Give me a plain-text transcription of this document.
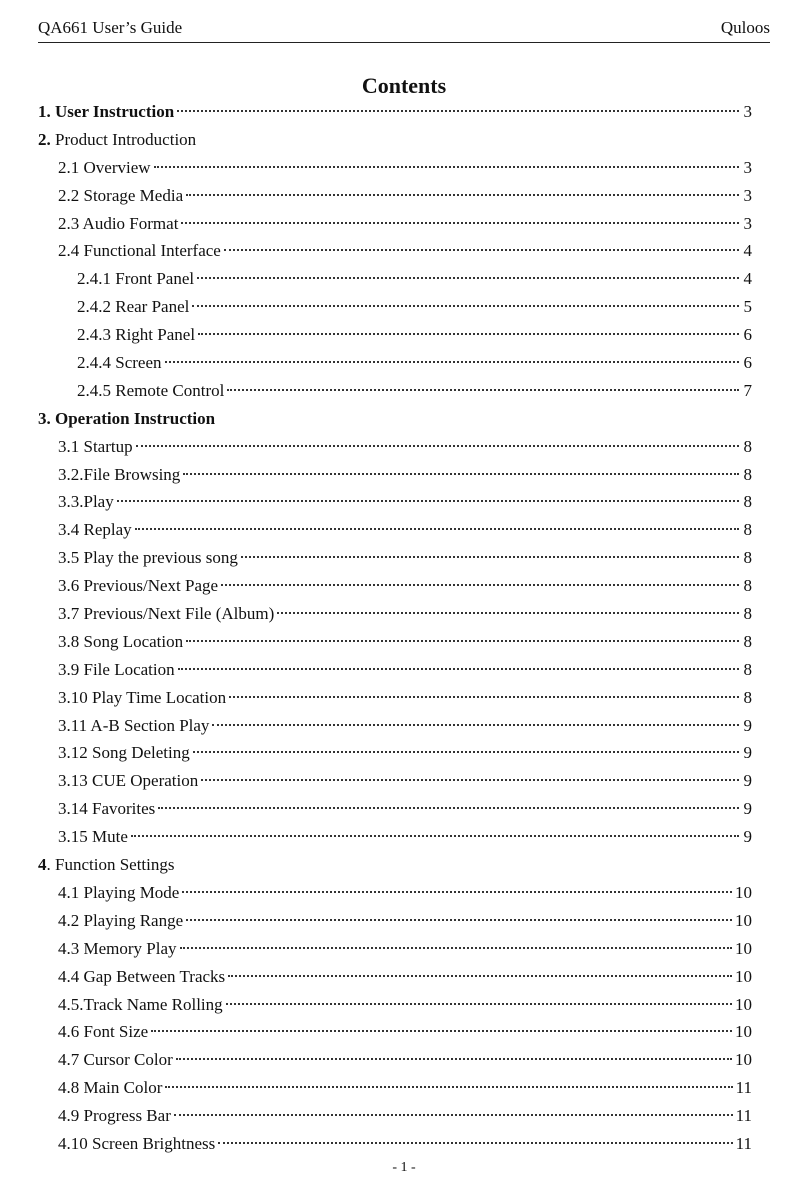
QA661 User’s Guide	Quloos
Contents
1. User Instruction	3
2. Product Introduction
2.1 Overview	3
2.2 Storage Media	3
2.3 Audio Format	3
2.4 Functional Interface	4
2.4.1 Front Panel	4
2.4.2 Rear Panel	5
2.4.3 Right Panel	6
2.4.4 Screen	6
2.4.5 Remote Control	7
3. Operation Instruction
3.1 Startup	8
3.2.File Browsing	8
3.3.Play	8
3.4 Replay	8
3.5 Play the previous song	8
3.6 Previous/Next Page	8
3.7 Previous/Next File (Album)	8
3.8 Song Location	8
3.9 File Location	8
3.10 Play Time Location	8
3.11 A-B Section Play	9
3.12 Song Deleting	9
3.13 CUE Operation	9
3.14 Favorites	9
3.15 Mute	9
4. Function Settings
4.1 Playing Mode	10
4.2 Playing Range	10
4.3 Memory Play	10
4.4 Gap Between Tracks	10
4.5.Track Name Rolling	10
4.6 Font Size	10
4.7 Cursor Color	10
4.8 Main Color	11
4.9 Progress Bar	11
4.10 Screen Brightness	11
- 1 -
